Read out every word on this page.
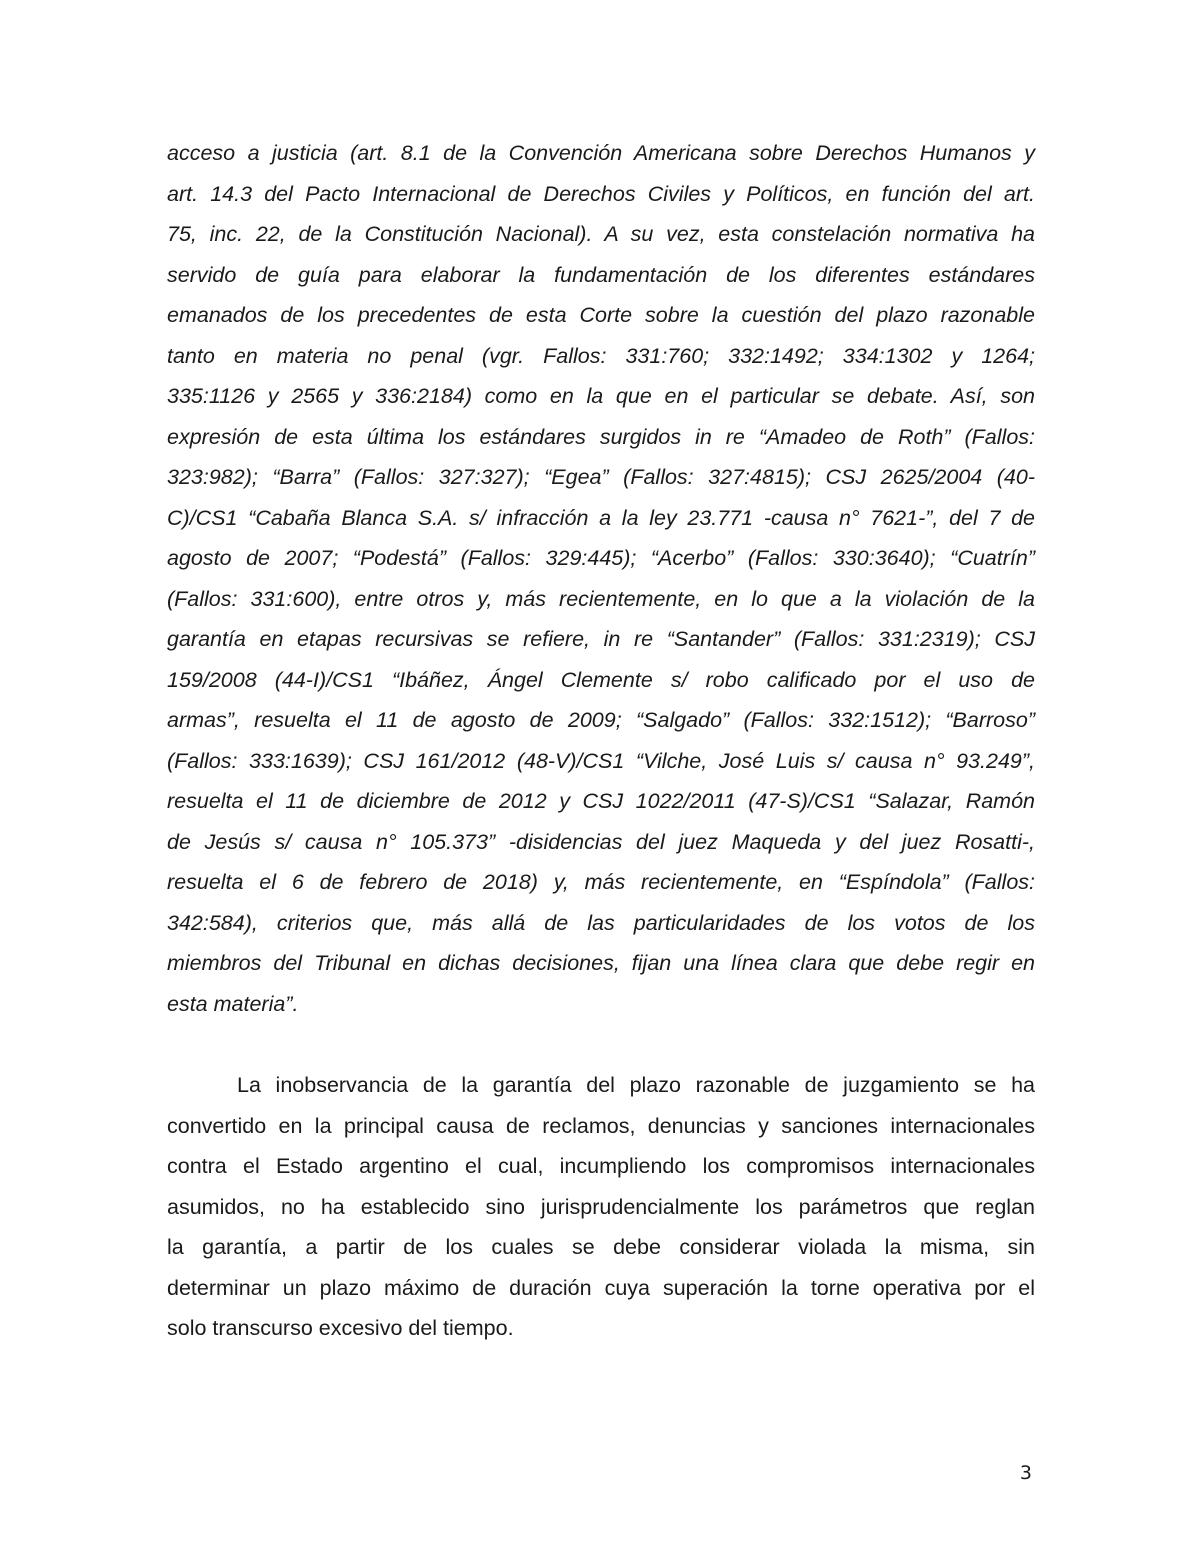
acceso a justicia (art. 8.1 de la Convención Americana sobre Derechos Humanos y
art. 14.3 del Pacto Internacional de Derechos Civiles y Políticos, en función del art.
75, inc. 22, de la Constitución Nacional). A su vez, esta constelación normativa ha
servido de guía para elaborar la fundamentación de los diferentes estándares
emanados de los precedentes de esta Corte sobre la cuestión del plazo razonable
tanto en materia no penal (vgr. Fallos: 331:760; 332:1492; 334:1302 y 1264;
335:1126 y 2565 y 336:2184) como en la que en el particular se debate. Así, son
expresión de esta última los estándares surgidos in re “Amadeo de Roth” (Fallos:
323:982); “Barra” (Fallos: 327:327); “Egea” (Fallos: 327:4815); CSJ 2625/2004 (40-
C)/CS1 “Cabaña Blanca S.A. s/ infracción a la ley 23.771 -causa n° 7621-”, del 7 de
agosto de 2007; “Podestá” (Fallos: 329:445); “Acerbo” (Fallos: 330:3640); “Cuatrín”
(Fallos: 331:600), entre otros y, más recientemente, en lo que a la violación de la
garantía en etapas recursivas se refiere, in re “Santander” (Fallos: 331:2319); CSJ
159/2008 (44-I)/CS1 “Ibáñez, Ángel Clemente s/ robo calificado por el uso de
armas”, resuelta el 11 de agosto de 2009; “Salgado” (Fallos: 332:1512); “Barroso”
(Fallos: 333:1639); CSJ 161/2012 (48-V)/CS1 “Vilche, José Luis s/ causa n° 93.249”,
resuelta el 11 de diciembre de 2012 y CSJ 1022/2011 (47-S)/CS1 “Salazar, Ramón
de Jesús s/ causa n° 105.373” -disidencias del juez Maqueda y del juez Rosatti-,
resuelta el 6 de febrero de 2018) y, más recientemente, en “Espíndola” (Fallos:
342:584), criterios que, más allá de las particularidades de los votos de los
miembros del Tribunal en dichas decisiones, fijan una línea clara que debe regir en
esta materia”.
La inobservancia de la garantía del plazo razonable de juzgamiento se ha
convertido en la principal causa de reclamos, denuncias y sanciones internacionales
contra el Estado argentino el cual, incumpliendo los compromisos internacionales
asumidos, no ha establecido sino jurisprudencialmente los parámetros que reglan
la garantía, a partir de los cuales se debe considerar violada la misma, sin
determinar un plazo máximo de duración cuya superación la torne operativa por el
solo transcurso excesivo del tiempo.
3
